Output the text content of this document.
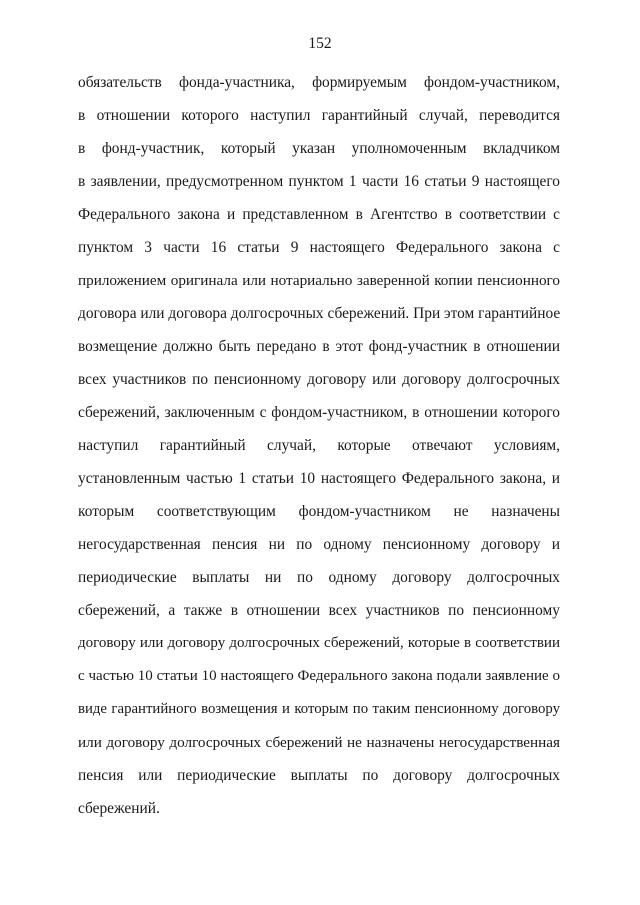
152
обязательств фонда-участника, формируемым фондом-участником,
в отношении которого наступил гарантийный случай, переводится
в фонд-участник, который указан уполномоченным вкладчиком
в заявлении, предусмотренном пунктом 1 части 16 статьи 9 настоящего
Федерального закона и представленном в Агентство в соответствии с
пунктом 3 части 16 статьи 9 настоящего Федерального закона с
приложением оригинала или нотариально заверенной копии пенсионного
договора или договора долгосрочных сбережений. При этом гарантийное
возмещение должно быть передано в этот фонд-участник в отношении
всех участников по пенсионному договору или договору долгосрочных
сбережений, заключенным с фондом-участником, в отношении которого
наступил гарантийный случай, которые отвечают условиям,
установленным частью 1 статьи 10 настоящего Федерального закона, и
которым соответствующим фондом-участником не назначены
негосударственная пенсия ни по одному пенсионному договору и
периодические выплаты ни по одному договору долгосрочных
сбережений, а также в отношении всех участников по пенсионному
договору или договору долгосрочных сбережений, которые в соответствии
с частью 10 статьи 10 настоящего Федерального закона подали заявление о
виде гарантийного возмещения и которым по таким пенсионному договору
или договору долгосрочных сбережений не назначены негосударственная
пенсия или периодические выплаты по договору долгосрочных
сбережений.
